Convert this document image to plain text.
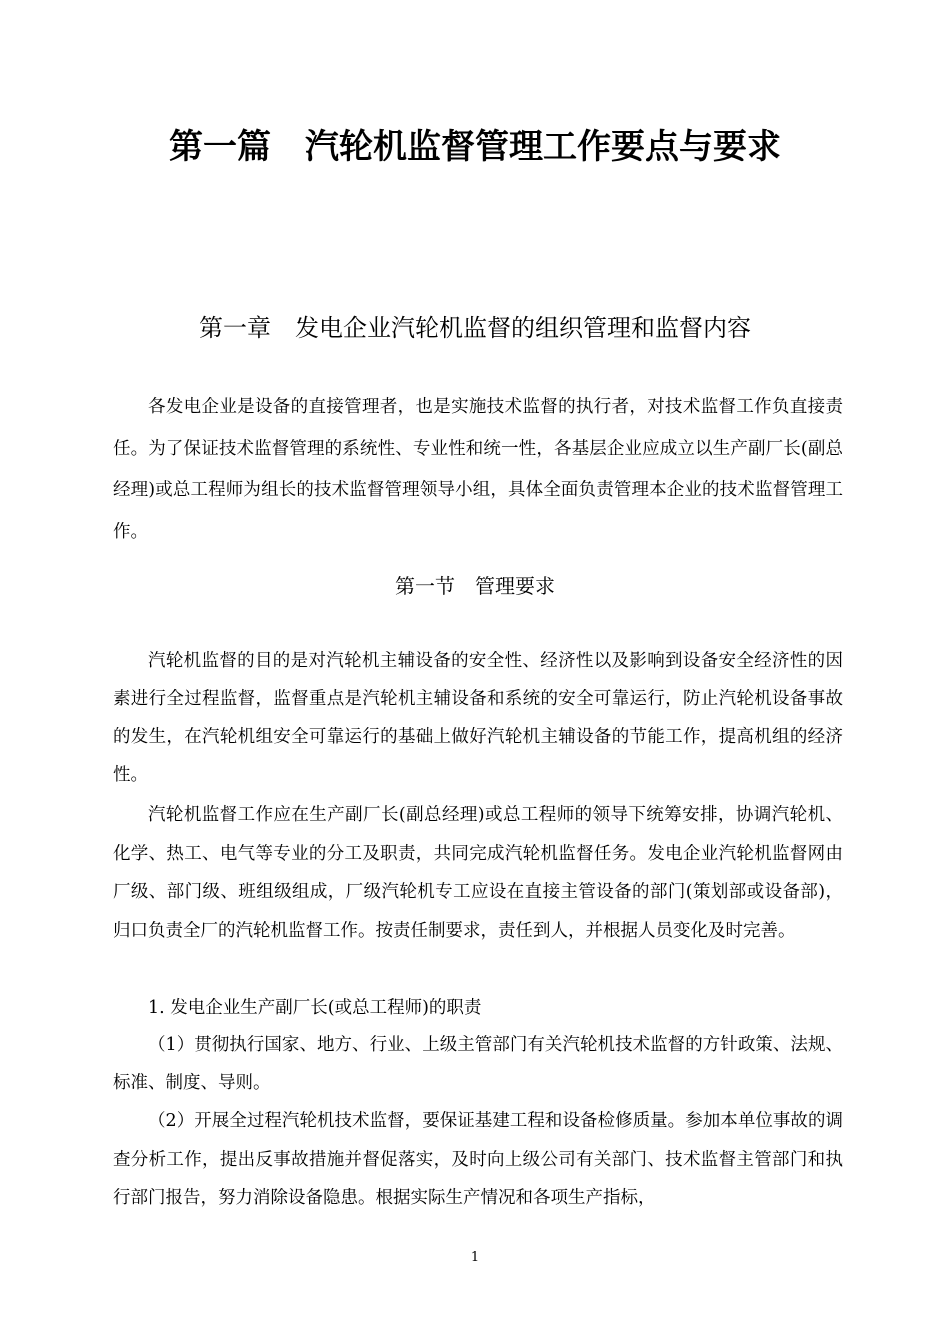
第一篇　汽轮机监督管理工作要点与要求
第一章　发电企业汽轮机监督的组织管理和监督内容

各发电企业是设备的直接管理者，也是实施技术监督的执行者，对技术监督工作负直接责任。为了保证技术监督管理的系统性、专业性和统一性，各基层企业应成立以生产副厂长(副总经理)或总工程师为组长的技术监督管理领导小组，具体全面负责管理本企业的技术监督管理工作。

第一节　管理要求

汽轮机监督的目的是对汽轮机主辅设备的安全性、经济性以及影响到设备安全经济性的因素进行全过程监督，监督重点是汽轮机主辅设备和系统的安全可靠运行，防止汽轮机设备事故的发生，在汽轮机组安全可靠运行的基础上做好汽轮机主辅设备的节能工作，提高机组的经济性。

汽轮机监督工作应在生产副厂长(副总经理)或总工程师的领导下统筹安排，协调汽轮机、化学、热工、电气等专业的分工及职责，共同完成汽轮机监督任务。发电企业汽轮机监督网由厂级、部门级、班组级组成，厂级汽轮机专工应设在直接主管设备的部门(策划部或设备部)，归口负责全厂的汽轮机监督工作。按责任制要求，责任到人，并根据人员变化及时完善。

1. 发电企业生产副厂长(或总工程师)的职责

（1）贯彻执行国家、地方、行业、上级主管部门有关汽轮机技术监督的方针政策、法规、标准、制度、导则。

（2）开展全过程汽轮机技术监督，要保证基建工程和设备检修质量。参加本单位事故的调查分析工作，提出反事故措施并督促落实，及时向上级公司有关部门、技术监督主管部门和执行部门报告，努力消除设备隐患。根据实际生产情况和各项生产指标，

1
